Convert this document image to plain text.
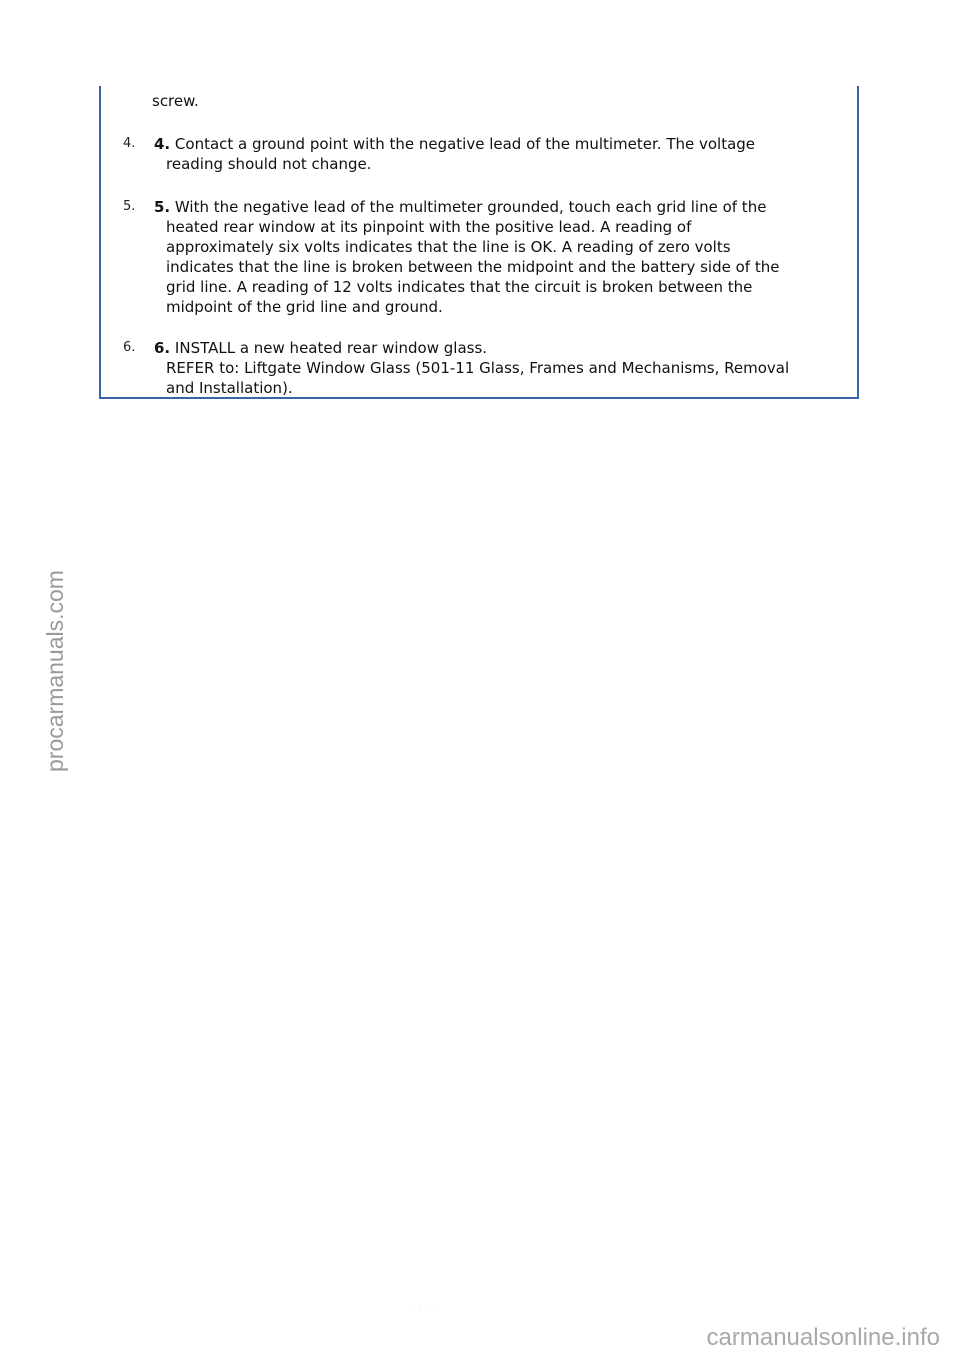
screw.
4. 4. Contact a ground point with the negative lead of the multimeter. The voltage
reading should not change.
5. 5. With the negative lead of the multimeter grounded, touch each grid line of the
heated rear window at its pinpoint with the positive lead. A reading of
approximately six volts indicates that the line is OK. A reading of zero volts
indicates that the line is broken between the midpoint and the battery side of the
grid line. A reading of 12 volts indicates that the circuit is broken between the
midpoint of the grid line and ground.
6. 6. INSTALL a new heated rear window glass.
REFER to: Liftgate Window Glass (501-11 Glass, Frames and Mechanisms, Removal
and Installation).
procarmanuals.com
· · · ·
carmanualsonline.info
